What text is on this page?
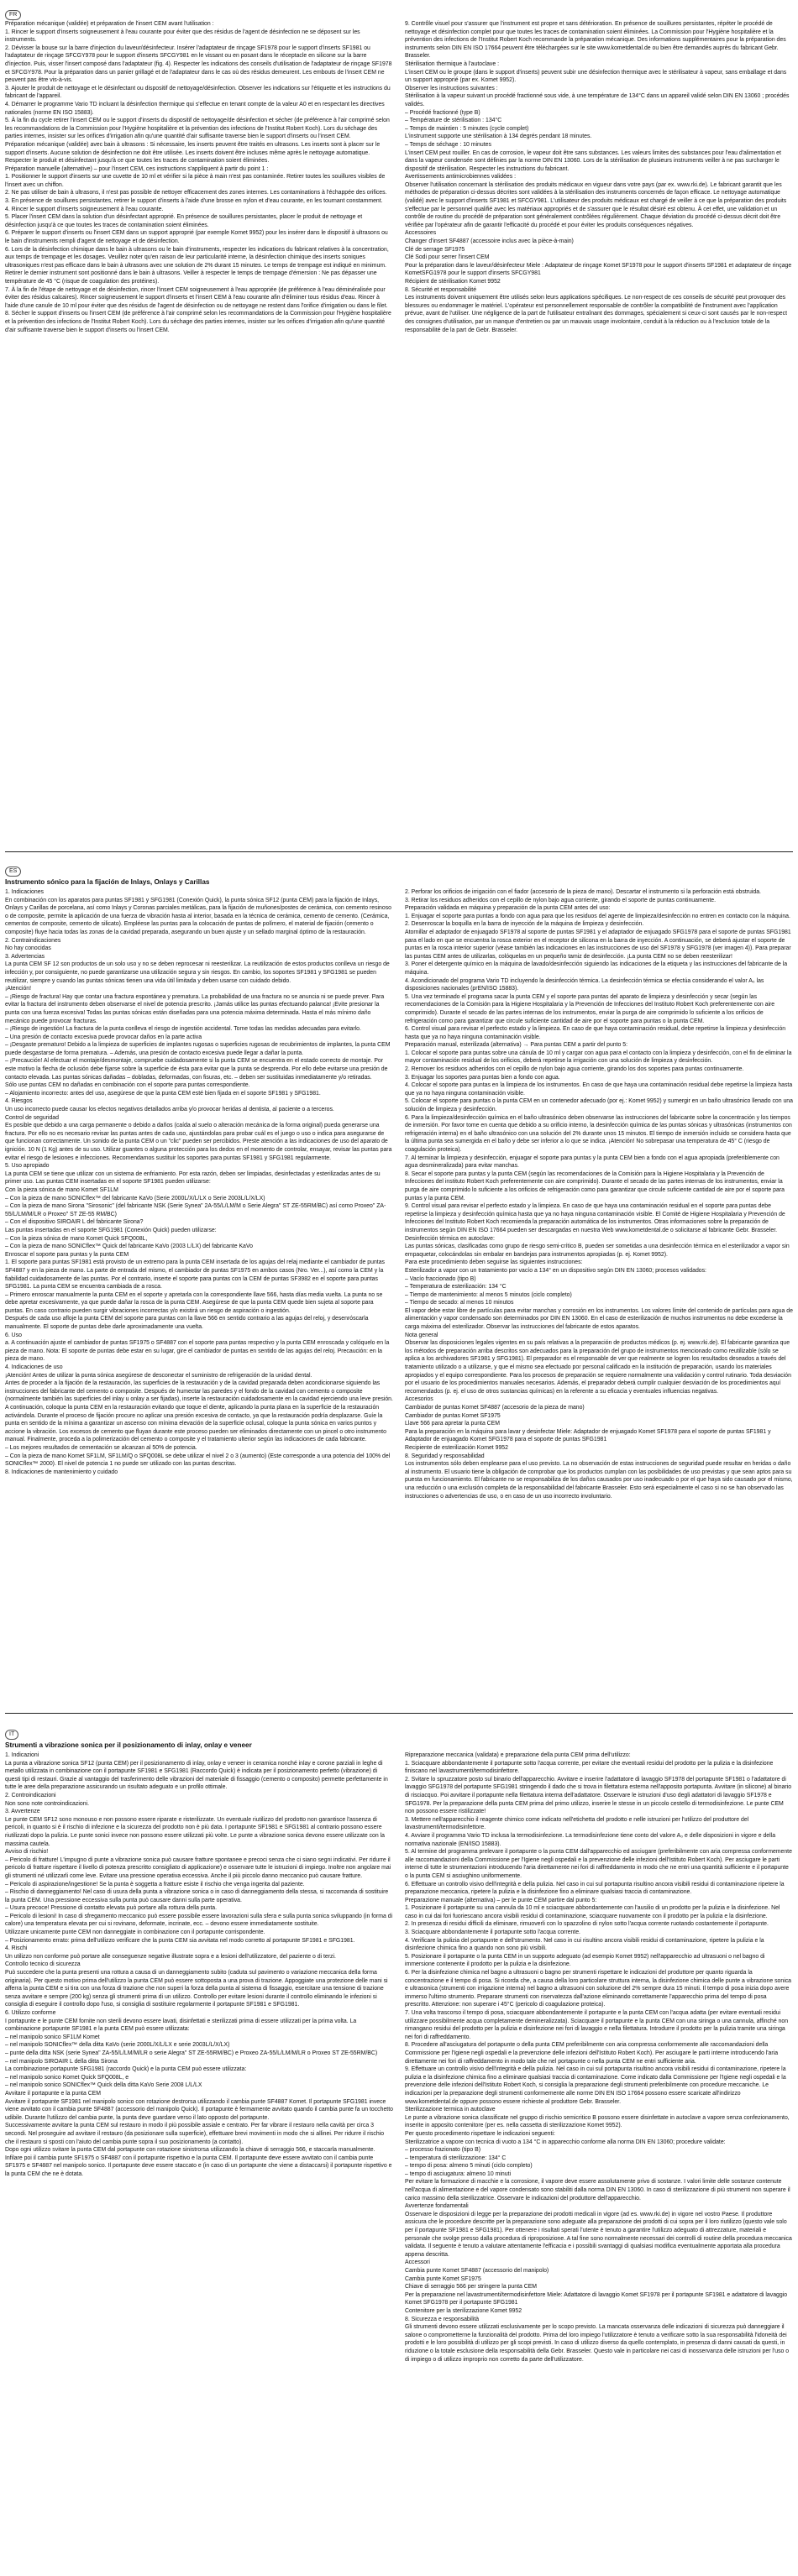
FR

Préparation mécanique (validée) et préparation de l'insert CEM avant l'utilisation :

1. Rincer le support d'inserts soigneusement à l'eau courante pour éviter que des résidus de l'agent de désinfection ne se déposent sur les instruments.

2. Dévisser la bouse sur la barre d'injection du laveur/désinfecteur. Insérer l'adaptateur de rinçage SF1978 pour le support d'inserts SF1981 ou l'adaptateur de rinçage SFCGY978 pour le support d'inserts SFCGY981 en le vissant ou en posant dans le réceptacle en silicone sur la barre d'injection. Puis, visser l'insert composé dans l'adaptateur (fig. 4). Respecter les indications des conseils d'utilisation de l'adaptateur de rinçage SF1978 et SFCGY978. Pour la préparation dans un panier grillagé et de l'adaptateur dans le cas où des résidus demeurent. Les embouts de l'insert CEM ne peuvent pas être vis-à-vis.

3. Ajouter le produit de nettoyage et le désinfectant ou dispositif de nettoyage/désinfection. Observer les indications sur l'étiquette et les instructions du fabricant de l'appareil.

4. Démarrer le programme Vario TD incluant la désinfection thermique qui s'effectue en tenant compte de la valeur A0 et en respectant les directives nationales (norme EN ISO 15883).

5. À la fin du cycle retirer l'insert CEM ou le support d'inserts du dispositif de nettoyage/de désinfection et sécher (de préférence à l'air comprimé selon les recommandations de la Commission pour l'Hygiène hospitalière et la prévention des infections de l'Institut Robert Koch). Lors du séchage des parties internes, insister sur les orifices d'irrigation afin qu'une quantité d'air suffisante traverse bien le support d'inserts ou l'insert CEM.

Préparation mécanique (validée) avec bain à ultrasons : Si nécessaire, les inserts peuvent être traités en ultrasons. Les inserts sont à placer sur le support d'inserts. Aucune solution de désinfection ne doit être utilisée. Les inserts doivent être incluses même après le nettoyage automatique. Respecter le produit et désinfectant jusqu'à ce que toutes les traces de contamination soient éliminées.

Préparation manuelle (alternative) – pour l'insert CEM, ces instructions s'appliquent à partir du point 1 :

1. Positionner le support d'inserts sur une cuvette de 10 ml et vérifier si la pièce à main n'est pas contaminée. Retirer toutes les souillures visibles de l'insert avec un chiffon.

2. Ne pas utiliser de bain à ultrasons, il n'est pas possible de nettoyer efficacement des zones internes. Les contaminations à l'échappée des orifices.

3. En présence de souillures persistantes, retirer le support d'inserts à l'aide d'une brosse en nylon et d'eau courante, en les tournant constamment.

4. Rincer le support d'inserts soigneusement à l'eau courante.

5. Placer l'insert CEM dans la solution d'un désinfectant approprié. En présence de souillures persistantes, placer le produit de nettoyage et désinfection jusqu'à ce que toutes les traces de contamination soient éliminées.

6. Préparer le support d'inserts ou l'insert CEM dans un support approprié (par exemple Komet 9952) pour les insérer dans le dispositif à ultrasons ou le bain d'instruments rempli d'agent de nettoyage et de désinfection.

6. Lors de la désinfection chimique dans le bain à ultrasons ou le bain d'instruments, respecter les indications du fabricant relatives à la concentration, aux temps de trempage et les dosages. Veuillez noter qu'en raison de leur particularité interne, la désinfection chimique des inserts soniques ultrasoniques n'est pas efficace dans le bain à ultrasons avec une solution de 2% durant 15 minutes. Le temps de trempage est indiqué en minimum. Retirer le dernier instrument sont positionné dans le bain à ultrasons. Veiller à respecter le temps de trempage d'émersion : Ne pas dépasser une température de 45 °C (risque de coagulation des protéines).

7. À la fin de l'étape de nettoyage et de désinfection, rincer l'insert CEM soigneusement à l'eau appropriée (de préférence à l'eau déminéralisée pour éviter des résidus calcaires). Rincer soigneusement le support d'inserts et l'insert CEM à l'eau courante afin d'éliminer tous résidus d'eau. Rincer à l'aide d'une canule de 10 ml pour éviter que des résidus de l'agent de désinfection ou de nettoyage ne restent dans l'orifice d'irrigation ou dans le filet.

8. Sécher le support d'inserts ou l'insert CEM (de préférence à l'air comprimé selon les recommandations de la Commission pour l'Hygiène hospitalière et la prévention des infections de l'Institut Robert Koch). Lors du séchage des parties internes, insister sur les orifices d'irrigation afin qu'une quantité d'air suffisante traverse bien le support d'inserts ou l'insert CEM.

9. Contrôle visuel pour s'assurer que l'instrument est propre et sans détérioration. En présence de souillures persistantes, répéter le procédé de nettoyage et désinfection complet pour que toutes les traces de contamination soient éliminées. La Commission pour l'Hygiène hospitalière et la prévention des infections de l'Institut Robert Koch recommande la préparation mécanique. Des informations supplémentaires pour la préparation des instruments selon DIN EN ISO 17664 peuvent être téléchargées sur le site www.kometdental.de ou bien être demandés auprès du fabricant Gebr. Brasseler.

Stérilisation thermique à l'autoclave :

L'insert CEM ou le groupe (dans le support d'inserts) peuvent subir une désinfection thermique avec le stérilisateur à vapeur, sans emballage et dans un support approprié (par ex. Komet 9952).

Observer les instructions suivantes :

Stérilisation à la vapeur suivant un procédé fractionné sous vide, à une température de 134°C dans un appareil validé selon DIN EN 13060 ; procédés validés.

– Procédé fractionné (type B)

– Température de stérilisation : 134°C

– Temps de maintien : 5 minutes (cycle complet)

L'instrument supporte une stérilisation à 134 degrés pendant 18 minutes.

– Temps de séchage : 10 minutes

L'insert CEM peut rouiller. En cas de corrosion, le vapeur doit être sans substances. Les valeurs limites des substances pour l'eau d'alimentation et dans la vapeur condensée sont définies par la norme DIN EN 13060. Lors de la stérilisation de plusieurs instruments veiller à ne pas surcharger le dispositif de stérilisation. Respecter les instructions du fabricant.

Avertissements antimicrobiennes validées :

Observer l'utilisation concernant la stérilisation des produits médicaux en vigueur dans votre pays (par ex. www.rki.de). Le fabricant garantit que les méthodes de préparation ci-dessus décrites sont validées à la stérilisation des instruments concernés de façon efficace. Le nettoyage automatique (validé) avec le support d'inserts SF1981 et SFCGY981. L'utilisateur des produits médicaux est chargé de veiller à ce que la préparation des produits s'effectue par le personnel qualifié avec les matériaux appropriés et de s'assurer que le résultat désiré est obtenu. À cet effet, une validation et un contrôle de routine du procédé de préparation sont généralement contrôlées régulièrement. Chaque déviation du procédé ci-dessus décrit doit être vérifiée par l'opérateur afin de garantir l'efficacité du procédé et pour éviter les produits conséquences négatives.

Accessoires

Changer d'insert SF4887 (accessoire inclus avec la pièce-à-main)

Clé de serrage SF1975

Clé Sodi pour serrer l'insert CEM

Pour la préparation dans le laveur/désinfecteur Miele : Adaptateur de rinçage Komet SF1978 pour le support d'inserts SF1981 et adaptateur de rinçage KometSFG1978 pour le support d'inserts SFCGY981

Récipient de stérilisation Komet 9952

8. Sécurité et responsabilité

Les instruments doivent uniquement être utilisés selon leurs applications spécifiques. Le non-respect de ces conseils de sécurité peut provoquer des blessures ou endommager le matériel. L'opérateur est personnellement responsable de contrôler la compatibilité de l'instrument avec l'application prévue, avant de l'utiliser. Une négligence de la part de l'utilisateur entraînant des dommages, spécialement si ceux-ci sont causés par le non-respect des consignes d'utilisation, par un manque d'entretien ou par un mauvais usage involontaire, conduit à la réduction ou à l'exclusion totale de la responsabilité de la part de Gebr. Brasseler.

ES
Instrumento sónico para la fijación de Inlays, Onlays y Carillas

1. Indicaciones

En combinación con los aparatos para puntas SF1981 y SFG1981 (Conexión Quick), la punta sónica SF12 (punta CEM) para la fijación de Inlays, Onlays y Carillas de porcelana, así como Inlays y Coronas parciales metálicas, para la fijación de muñones/postes de cerámica, con cemento resinoso o de composite, permite la aplicación de una fuerza de vibración hasta al interior, basada en la técnica de cerámica, cemento de cemento. (Cerámica, cementos de composite, cemento de silicato). Empléese las puntas para la colocación de puntas de polímero, el material de fijación (cemento o composite) fluye hacia todas las zonas de la cavidad preparada, asegurando un buen ajuste y un sellado marginal óptimo de la restauración.

2. Contraindicaciones

No hay conocidas

3. Advertencias

La punta CEM SF 12 son productos de un solo uso y no se deben reprocesar ni reesterilizar. La reutilización de estos productos conlleva un riesgo de infección y, por consiguiente, no puede garantizarse una utilización segura y sin riesgos. En cambio, los soportes SF1981 y SFG1981 se pueden reutilizar, siempre y cuando las puntas sónicas tienen una vida útil limitada y deben usarse con cuidado debido.

¡Atención!

– ¡Riesgo de fractura! Hay que contar una fractura espontánea y prematura. La probabilidad de una fractura no se anuncia ni se puede prever. Para evitar la fractura del instrumento deben observarse el nivel de potencia prescrito. ¡Jamás utilice las puntas efectuando palanca! ¡Evite presionar la punta con una fuerza excesiva! Todas las puntas sónicas están diseñadas para una potencia máxima determinada. Hasta el más mínimo daño mecánico puede provocar fracturas.

– ¡Riesgo de ingestión! La fractura de la punta conlleva el riesgo de ingestión accidental. Tome todas las medidas adecuadas para evitarlo.

– Una presión de contacto excesiva puede provocar daños en la parte activa

– ¡Desgaste prematuro! Debido a la limpieza de superficies de implantes rugosas o superficies rugosas de recubrimientos de implantes, la punta CEM puede desgastarse de forma prematura. – Además, una presión de contacto excesiva puede llegar a dañar la punta.

– ¡Precaución! Al efectuar el montaje/desmontaje, compruebe cuidadosamente si la punta CEM se encuentra en el estado correcto de montaje. Por este motivo la flecha de oclusión debe fijarse sobre la superficie de ésta para evitar que la punta se desprenda. Por ello debe evitarse una presión de contacto elevada. Las puntas sónicas dañadas – dobladas, deformadas, con fisuras, etc. – deben ser sustituidas inmediatamente y/o retiradas.

Sólo use puntas CEM no dañadas en combinación con el soporte para puntas correspondiente.

– Alojamiento incorrecto: antes del uso, asegúrese de que la punta CEM esté bien fijada en el soporte SF1981 y SFG1981.

4. Riesgos

Un uso incorrecto puede causar los efectos negativos detallados arriba y/o provocar heridas al dentista, al paciente o a terceros.

Control de seguridad

Es posible que debido a una carga permanente o debido a daños (caída al suelo o alteración mecánica de la forma original) pueda generarse una fractura. Por ello no es necesario revisar las puntas antes de cada uso, ajustándolas para probar cuál es el juego o uso o indica para asegurarse de que funcionan correctamente. Un sonido de la punta CEM o un "clic" pueden ser percibidos. Preste atención a las indicaciones de uso del aparato de ignición. 10 N (1 Kg) antes de su uso. Utilizar guantes o alguna protección para los dedos en el momento de controlar, ensayar, revisar las puntas para evitar el riesgo de lesiones e infecciones. Recomendamos sustituir los soportes para puntas SF1981 y SFG1981 regularmente.

5. Uso apropiado

La punta CEM se tiene que utilizar con un sistema de enfriamiento. Por esta razón, deben ser limpiadas, desinfectadas y esterilizadas antes de su primer uso. Las puntas CEM insertadas en el soporte SF1981 pueden utilizarse:

Con la pieza sónica de mano Komet SF1LM

– Con la pieza de mano SONICflex™ del fabricante KaVo (Serie 2000L/X/L/LX o Serie 2003L/L/X/LX)

– Con la pieza de mano Sirona "Sirosonic" (del fabricante NSK (Serie Synea" 2A-55/L/LM/M o Serie Alegra" ST ZE-55RM/BC) así como Proxeo" ZA-55/L/LM/M/LR o Proxeo" ST ZE-55 RM/BC)

– Con el dispositivo SIROAIR L del fabricante Sirona?

Las puntas insertadas en el soporte SFG1981 (Conexión Quick) pueden utilizarse:

– Con la pieza sónica de mano Komet Quick SFQ008L,

– Con la pieza de mano SONICflex™ Quick del fabricante KaVo (2003 L/LX) del fabricante KaVo

Enroscar el soporte para puntas y la punta CEM

1. El soporte para puntas SF1981 está provisto de un extremo para la punta CEM insertada de los agujas del relaj mediante el cambiador de puntas SF4887 y en la pieza de mano. La parte de entrada del mismo, el cambiador de puntas SF1975 en ambos casos (Nro. Ver...), así como la CEM y la fiabilidad cuidadosamente de las puntas. Por el contrario, inserte el soporte para puntas con la CEM de puntas SF3982 en el soporte para puntas SFG1981. La punta CEM se encuentra cambiada de a rosca.

– Primero enroscar manualmente la punta CEM en el soporte y apretarla con la correspondiente llave 566, hasta días media vuelta. La punta no se debe apretar excesivamente, ya que puede dañar la rosca de la punta CEM. Asegúrese de que la punta CEM quede bien sujeta al soporte para puntas. En caso contrario pueden surgir vibraciones incorrectas y/o existirá un riesgo de aspiración o ingestión.

Después de cada uso afloje la punta CEM del soporte para puntas con la llave 566 en sentido contrario a las agujas del reloj, y desenróscarla manualmente. El soporte de puntas debe darle aproximadamente una vuelta.

6. Uso

a. A continuación ajuste el cambiador de puntas SF1975 o SF4887 con el soporte para puntas respectivo y la punta CEM enroscada y colóquelo en la pieza de mano. Nota: El soporte de puntas debe estar en su lugar, gire el cambiador de puntas en sentido de las agujas del reloj. Precaución: en la pieza de mano.

4. Indicaciones de uso

¡Atención! Antes de utilizar la punta sónica asegúrese de desconectar el suministro de refrigeración de la unidad dental.

Antes de proceder a la fijación de la restauración, las superficies de la restauración y de la cavidad preparada deben acondicionarse siguiendo las instrucciones del fabricante del cemento o composite. Después de humectar las paredes y el fondo de la cavidad con cemento o composite (normalmente también las superficies del inlay u onlay a ser fijadas), inserte la restauración cuidadosamente en la cavidad ejerciendo una leve presión. A continuación, coloque la punta CEM en la restauración evitando que toque el diente, aplicando la punta plana en la superficie de la restauración activándola. Durante el proceso de fijación procure no aplicar una presión excesiva de contacto, ya que la restauración podría desplazarse. Guíe la punta en sentido de la mínima a garantizar un ascenso con mínima elevación de la superficie oclusal, coloque la punta sónica en varios puntos y accione la vibración. Los excesos de cemento que fluyan durante este proceso pueden ser eliminados directamente con un pincel o otro instrumento manual. Finalmente, proceda a la polimerización del cemento o composite y el tratamiento ulterior según las indicaciones de cada fabricante.

– Los mejores resultados de cementación se alcanzan al 50% de potencia.

– Con la pieza de mano Komet SF1LM, SF1LM/Q o SFQ008L se debe utilizar el nivel 2 o 3 (aumento) (Este corresponde a una potencia del 100% del SONICflex™ 2000). El nivel de potencia 1 no puede ser utilizado con las puntas descritas.

8. Indicaciones de mantenimiento y cuidado

2. Perforar los orificios de irrigación con el fiador (accesorio de la pieza de mano). Descartar el instrumento si la perforación está obstruida.

3. Retirar los residuos adheridos con el cepillo de nylon bajo agua corriente, girando el soporte de puntas continuamente.

Preparación validada en máquina y preparación de la punta CEM antes del uso:

1. Enjuagar el soporte para puntas a fondo con agua para que los residuos del agente de limpieza/desinfección no entren en contacto con la máquina.

2. Desenroscar la boquilla en la barra de inyección de la máquina de limpieza y desinfección.

Atornillar el adaptador de enjuagado SF1978 al soporte de puntas SF1981 y el adaptador de enjuagado SFG1978 para el soporte de puntas SFG1981 para el lado en que se encuentra la rosca exterior en el receptor de silicona en la barra de inyección. A continuación, se deberá ajustar el soporte de puntas en la rosca interior superior (véase también las indicaciones en las instrucciones de uso del SF1978 y SFG1978 (ver imagen 4)). Para preparar las puntas CEM antes de utilizarlas, colóquelas en un pequeño tamiz de desinfección. ¡La punta CEM no se deben reesterilizar!

3. Poner el detergente químico en la máquina de lavado/desinfección siguiendo las indicaciones de la etiqueta y las instrucciones del fabricante de la máquina.

4. Acondicionado del programa Vario TD incluyendo la desinfección térmica. La desinfección térmica se efectúa considerando el valor A₀ las disposiciones nacionales (prEN/ISO 15883).

5. Una vez terminado el programa sacar la punta CEM y el soporte para puntas del aparato de limpieza y desinfección y secar (según las recomendaciones de la Comisión para la Higiene Hospitalaria y la Prevención de Infecciones del Instituto Robert Koch preferentemente con aire comprimido). Durante el secado de las partes internas de los instrumentos, enviar la purga de aire comprimido lo suficiente a los orificios de refrigeración como para garantizar que circule suficiente cantidad de aire por el soporte para puntas o la punta CEM.

6. Control visual para revisar el perfecto estado y la limpieza. En caso de que haya contaminación residual, debe repetirse la limpieza y desinfección hasta que ya no haya ninguna contaminación visible.

Preparación manual, esterilizada (alternativa) → Para puntas CEM a partir del punto 5:

1. Colocar el soporte para puntas sobre una cánula de 10 ml y cargar con agua para el contacto con la limpieza y desinfección, con el fin de eliminar la mayor contaminación residual de los orificios, deberá repetirse la irrigación con una solución de limpieza y desinfección.

2. Remover los residuos adheridos con el cepillo de nylon bajo agua corriente, girando los dos soportes para puntas continuamente.

3. Enjuagar los soportes para puntas bien a fondo con agua.

4. Colocar el soporte para puntas en la limpieza de los instrumentos. En caso de que haya una contaminación residual debe repetirse la limpieza hasta que ya no haya ninguna contaminación visible.

5. Colocar el soporte para puntas o la punta CEM en un contenedor adecuado (por ej.: Komet 9952) y sumergir en un baño ultrasónico llenado con una solución de limpieza y desinfección.

6. Para la limpieza/desinfección química en el baño ultrasónico deben observarse las instrucciones del fabricante sobre la concentración y los tiempos de inmersión. Por favor tome en cuenta que debido a su orificio interno, la desinfección química de las puntas sónicas y ultrasónicas (instrumentos con refrigeración interna) en el baño ultrasónico con una solución del 2% durante unos 15 minutos. El tiempo de inmersión incluido se considera hasta que la última punta sea sumergida en el baño y debe ser inferior a lo que se indica. ¡Atención! No sobrepasar una temperatura de 45° C (riesgo de coagulación proteica).

7. Al terminar la limpieza y desinfección, enjuagar el soporte para puntas y la punta CEM bien a fondo con el agua apropiada (preferiblemente con agua desmineralizada) para evitar manchas.

8. Secar el soporte para puntas y la punta CEM (según las recomendaciones de la Comisión para la Higiene Hospitalaria y la Prevención de Infecciones del instituto Robert Koch preferentemente con aire comprimido). Durante el secado de las partes internas de los instrumentos, enviar la purga de aire comprimido lo suficiente a los orificios de refrigeración como para garantizar que circule suficiente cantidad de aire por el soporte para puntas y la punta CEM.

9. Control visual para revisar el perfecto estado y la limpieza. En caso de que haya una contaminación residual en el soporte para puntas debe repetirse la limpieza y desinfección química hasta que ya no haya ninguna contaminación visible. El Comité de Higiene Hospitalaria y Prevención de Infecciones del Instituto Robert Koch recomienda la preparación automática de los instrumentos. Otras informaciones sobre la preparación de instrumentos según DIN EN ISO 17664 pueden ser descargadas en nuestra Web www.kometdental.de o solicitarse al fabricante Gebr. Brasseler.

Desinfección térmica en autoclave:

Las puntas sónicas, clasificadas como grupo de riesgo semi-crítico B, pueden ser sometidas a una desinfección térmica en el esterilizador a vapor sin empaquetar, colocándolas sin embalar en bandejas para instrumentos apropiadas (p. ej. Komet 9952).

Para este procedimiento deben seguirse las siguientes instrucciones:

Esterilizador a vapor con un tratamiento por vacío a 134° en un dispositivo según DIN EN 13060; procesos validados:

– Vacío fraccionado (tipo B)

– Temperatura de esterilización: 134 °C

– Tiempo de mantenimiento: al menos 5 minutos (ciclo completo)

– Tiempo de secado: al menos 10 minutos

El vapor debe estar libre de partículas para evitar manchas y corrosión en los instrumentos. Los valores límite del contenido de partículas para agua de alimentación y vapor condensado son determinados por DIN EN 13060. En el caso de esterilización de muchos instrumentos no debe excederse la carga máxima del esterilizador. Observar las instrucciones del fabricante de estos aparatos.

Nota general

Observar las disposiciones legales vigentes en su país relativas a la preparación de productos médicos (p. ej. www.rki.de). El fabricante garantiza que los métodos de preparación arriba descritos son adecuados para la preparación del grupo de instrumentos mencionado como reutilizable (sólo se aplica a los archivadores SF1981 y SFG1981). El preparador es el responsable de ver que realmente se logren los resultados deseados a través del tratamiento utilizado o a utilizarse, y que el mismo sea efectuado por personal calificado en la institución de preparación, usando los materiales apropiados y el equipo correspondiente. Para los procesos de preparación se requiere normalmente una validación y control rutinario. Toda desviación por el usuario de los procedimientos manuales necesarios. Además, el preparador deberá cumplir cualquier desviación de los procedimientos aquí recomendados (p. ej. el uso de otros sustancias químicas) en la referente a su eficacia y eventuales influencias negativas.

Accesorios

Cambiador de puntas Komet SF4887 (accesorio de la pieza de mano)

Cambiador de puntas Komet SF1975

Llave 566 para apretar la punta CEM

Para la preparación en la máquina para lavar y desinfectar Miele: Adaptador de enjuagado Komet SF1978 para el soporte de puntas SF1981 y Adaptador de enjuagado Komet SFG1978 para el soporte de puntas SFG1981

Recipiente de esterilización Komet 9952

8. Seguridad y responsabilidad

Los instrumentos sólo deben emplearse para el uso previsto. La no observación de estas instrucciones de seguridad puede resultar en heridas o daño al instrumento. El usuario tiene la obligación de comprobar que los productos cumplan con las posibilidades de uso previstas y que sean aptos para su puesta en funcionamiento. El fabricante no se responsabiliza de los daños causados por uso inadecuado o por el que haya sido causado por el mismo, una reducción o una exclusión completa de la responsabilidad del fabricante Brasseler. Esto será especialmente el caso si no se han observado las instrucciones o advertencias de uso, o en caso de un uso incorrecto involuntario.

IT
Strumenti a vibrazione sonica per il posizionamento di inlay, onlay e veneer

1. Indicazioni

La punta a vibrazione sonica SF12 (punta CEM) per il posizionamento di inlay, onlay e veneer in ceramica nonché inlay e corone parziali in leghe di metallo utilizzata in combinazione con il portapunte SF1981 e SFG1981 (Raccordo Quick) è indicata per il posizionamento perfetto (vibrazione) di questi tipi di restauri. Grazie al vantaggio del trasferimento delle vibrazioni del materiale di fissaggio (cemento o composito) permette perfettamente in tutte le aree della preparazione assicurando un risultato adeguato e un profilo ottimale.

2. Controindicazioni

Non sono note controindicazioni.

3. Avvertenze

Le punte CEM SF12 sono monouso e non possono essere riparate e risterilizzate. Un eventuale riutilizzo del prodotto non garantisce l'assenza di pericoli, in quanto si è il rischio di infezione e la sicurezza del prodotto non è più data. I portapunte SF1981 e SFG1981 al contrario possono essere riutilizzati dopo la pulizia. Le punte sonici invece non possono essere utilizzati più volte. Le punte a vibrazione sonica devono essere utilizzate con la massima cautela.

Avviso di rischio!

– Pericolo di fratture! L'impugno di punte a vibrazione sonica può causare fratture spontanee e precoci senza che ci siano segni indicativi. Per ridurre il pericolo di fratture rispettare il livello di potenza prescritto consigliato di applicazione) e osservare tutte le istruzioni di impiego. Inoltre non angolare mai gli strumenti né utilizzarli come leve. Evitare una pressione operativa eccessiva. Anche il più piccolo danno meccanico può causare fratture.

– Pericolo di aspirazione/ingestione! Se la punta è soggetta a fratture esiste il rischio che venga ingerita dal paziente.

– Rischio di danneggiamento! Nel caso di usura della punta a vibrazione sonica o in caso di danneggiamento della stessa, si raccomanda di sostituire la punta CEM. Una pressione eccessiva sulla punta può causare danni sulla parte operativa.

– Usura precoce! Pressione di contatto elevata può portare alla rottura della punta.

– Pericolo di lesioni! In caso di sfregamento meccanico può essere possibile essere lavorazioni sulla sfera e sulla punta sonica sviluppando (in forma di calore) una temperatura elevata per cui si rovinano, deformate, incrinate, ecc. – devono essere immediatamente sostituite.

Utilizzare unicamente punte CEM non danneggiate in combinazione con il portapunte corrispondente.

– Posizionamento errato: prima dell'utilizzo verificare che la punta CEM sia avvitata nel modo corretto al portapunte SF1981 e SFG1981.

4. Rischi

Un utilizzo non conforme può portare alle conseguenze negative illustrate sopra e a lesioni dell'utilizzatore, del paziente o di terzi.

Controllo tecnico di sicurezza

Può succedere che la punta presenti una rottura a causa di un danneggiamento subito (caduta sul pavimento o variazione meccanica della forma originaria). Per questo motivo prima dell'utilizzo la punta CEM può essere sottoposta a una prova di trazione. Appoggiate una protezione delle mani si afferra la punta CEM e si tira con una forza di trazione che non superi la forza della punta al sistema di fissaggio, esercitare una tensione di trazione senza avvitare e sempre (200 kg) senza gli strumenti prima di un utilizzo. Controllo per evitare lesioni durante il controllo eliminando le infezioni si consiglia di eseguire il controllo dopo l'uso, si consiglia di sostituire regolarmente il portapunte SF1981 e SFG1981.

6. Utilizzo conforme

I portapunte e le punte CEM fornite non sterili devono essere lavati, disinfettati e sterilizzati prima di essere utilizzati per la prima volta. La combinazione portapunte SF1981 e la punta CEM può essere utilizzata:

– nel manipolo sonico SF1LM Komet

– nel manipolo SONICflex™ della ditta KaVo (serie 2000L/X/L/LX e serie 2003L/L/X/LX)

– punte della ditta NSK (serie Synea" ZA-55/L/LM/M/LR o serie Alegra" ST ZE-55RM/BC) e Proxeo ZA-55/L/LM/M/LR o Proxeo ST ZE-55RM/BC)

– nel manipolo SIROAIR L della ditta Sirona

La combinazione portapunte SFG1981 (raccordo Quick) e la punta CEM può essere utilizzata:

– nel manipolo sonico Komet Quick SFQ008L, e

– nel manipolo sonico SONICflex™ Quick della ditta KaVo Serie 2008 L/L/LX

Avvitare il portapunte e la punta CEM

Avvitare il portapunte SF1981 nel manipolo sonico con rotazione destrorsa utilizzando il cambia punte SF4887 Komet. Il portapunte SFG1981 invece viene avvitato con il cambia punte SF4887 (accessorio del manipolo Quick). Il portapunte è fermamente avvitato quando il cambia punte fa un tocchetto udibile. Durante l'utilizzo del cambia punte, la punta deve guardare verso il lato opposto del portapunte.

Successivamente avvitare la punta CEM sul restauro in modo il più possibile assiale e centrato. Per far vibrare il restauro nella cavità per circa 3 secondi. Nel proseguire ad avvitare il restauro (da posizionare sulla superficie), effettuare brevi movimenti in modo che si allinei. Per ridurre il rischio che il restauro si sposti con l'aiuto del cambia punte sopra il suo posizionamento (a contatto).

Dopo ogni utilizzo svitare la punta CEM dal portapunte con rotazione sinistrorsa utilizzando la chiave di serraggio 566, e staccarla manualmente.

Infilare poi il cambia punte SF1975 o SF4887 con il portapunte rispettivo e la punta CEM. Il portapunte deve essere avvitato con il cambia punte SF1975 e SF4887 nel manipolo sonico. Il portapunte deve essere staccato e (in caso di un portapunte che viene a distaccarsi) il portapunte rispettivo e la punta CEM che ne è dotata.

Ripreparazione meccanica (validata) e preparazione della punta CEM prima dell'utilizzo:

1. Sciacquare abbondantemente il portapunte sotto l'acqua corrente, per evitare che eventuali residui del prodotto per la pulizia e la disinfezione finiscano nel lavastrumenti/termodisinfettore.

2. Svitare lo spruzzatore posto sul binario dell'apparecchio. Avvitare e inserire l'adattatore di lavaggio SF1978 del portapunte SF1981 o l'adattatore di lavaggio SFG1978 del portapunte SFG1981 stringendo il dado che si trova in filettatura esterna nell'apposito portapunta. Avvitare (in silicone) al binario di risciacquo. Poi avvitare il portapunte nella filettatura interna dell'adattatore. Osservare le istruzioni d'uso degli adattatori di lavaggio SF1978 e SFG1978. Per la preparazione della punta CEM prima del primo utilizzo, inserire le stesse in un piccolo cestello di termodisinfezione. Le punte CEM non possono essere ristilizzate!

3. Mettere nell'apparecchio il reagente chimico come indicato nell'etichetta del prodotto e nelle istruzioni per l'utilizzo del produttore del lavastrumenti/termodisinfettore.

4. Avviare il programma Vario TD inclusa la termodisinfezione. La termodisinfezione tiene conto del valore A₀ e delle disposizioni in vigore e della normativa nazionale (EN/ISO 15883).

5. Al termine del programma prelevare il portapunte o la punta CEM dall'apparecchio ed asciugare (preferibilmente con aria compressa conformemente alle raccomandazioni della Commissione per l'Igiene negli ospedali e la prevenzione delle infezioni dell'Istituto Robert Koch). Per asciugare le parti interne di tutte le strumentazioni introducendo l'aria direttamente nei fori di raffreddamento in modo che ne entri una quantità sufficiente e il portapunte o la punta CEM si asciughino uniformemente.

6. Effettuare un controllo visivo dell'integrità e della pulizia. Nel caso in cui sul portapunta risultino ancora visibili residui di contaminazione ripetere la preparazione meccanica, ripetere la pulizia e la disinfezione fino a eliminare qualsiasi traccia di contaminazione.

Preparazione manuale (alternativa) – per le punte CEM partire dal punto 5:

1. Posizionare il portapunte su una cannula da 10 ml e sciacquare abbondantemente con l'ausilio di un prodotto per la pulizia e la disinfezione. Nel caso in cui dai fori fuoriescano ancora visibili residui di contaminazione, sciacquare nuovamente con il prodotto per la pulizia e la disinfezione.

2. In presenza di residui difficili da eliminare, rimuoverli con lo spazzolino di nylon sotto l'acqua corrente ruotando costantemente il portapunte.

3. Sciacquare abbondantemente il portapunte sotto l'acqua corrente.

4. Verificare la pulizia del portapunte e dell'strumento. Nel caso in cui risultino ancora visibili residui di contaminazione, ripetere la pulizia e la disinfezione chimica fino a quando non sono più visibili.

5. Posizionare il portapunte o la punta CEM in un supporto adeguato (ad esempio Komet 9952) nell'apparecchio ad ultrasuoni o nel bagno di immersione contenente il prodotto per la pulizia e la disinfezione.

6. Per la disinfezione chimica nel bagno a ultrasuoni o bagno per strumenti rispettare le indicazioni del produttore per quanto riguarda la concentrazione e il tempo di posa. Si ricorda che, a causa della loro particolare struttura interna, la disinfezione chimica delle punte a vibrazione sonica e ultrasonica (strumenti con irrigazione interna) nel bagno a ultrasuoni con soluzione del 2% sempre dura 15 minuti. Il tempo di posa inizia dopo avere immerso l'ultimo strumento. Preparare strumenti con riservatezza dall'azione eliminando correttamente l'apparecchio prima del tempo di posa prescritto. Attenzione: non superare i 45°C (pericolo di coagulazione proteica).

7. Una volta trascorso il tempo di posa, sciacquare abbondantemente il portapunte e la punta CEM con l'acqua adatta (per evitare eventuali residui utilizzare possibilmente acqua completamente demineralizzata). Sciacquare il portapunte e la punta CEM con una siringa o una cannula, affinché non rimangano residui del prodotto per la pulizia e disinfezione nei fori di lavaggio e nella filettatura. Introdurre il prodotto per la pulizia tramite una siringa nei fori di raffreddamento.

8. Procedere all'asciugatura del portapunte o della punta CEM preferibilmente con aria compressa conformemente alle raccomandazioni della Commissione per l'Igiene negli ospedali e la prevenzione delle infezioni dell'Istituto Robert Koch). Per asciugare le parti interne introducendo l'aria direttamente nei fori di raffreddamento in modo tale che nel portapunte o nella punta CEM ne entri sufficiente aria.

9. Effettuare un controllo visivo dell'integrità e della pulizia. Nel caso in cui sul portapunta risultino ancora visibili residui di contaminazione, ripetere la pulizia e la disinfezione chimica fino a eliminare qualsiasi traccia di contaminazione. Come indicato dalla Commissione per l'Igiene negli ospedali e la prevenzione delle infezioni dell'Istituto Robert Koch, si consiglia la preparazione degli strumenti preferibilmente con procedure meccaniche. Le indicazioni per la preparazione degli strumenti conformemente alle norme DIN EN ISO 17664 possono essere scaricate all'indirizzo www.kometdental.de oppure possono essere richieste al produttore Gebr. Brasseler.

Sterilizzazione termica in autoclave

Le punte a vibrazione sonica classificate nel gruppo di rischio semicritico B possono essere disinfettate in autoclave a vapore senza confezionamento, inserite in apposito contenitore (per es. nella cassetta di sterilizzazione Komet 9952).

Per questo procedimento rispettare le indicazioni seguenti:

Sterilizzatrice a vapore con tecnica di vuoto a 134 °C in apparecchio conforme alla norma DIN EN 13060; procedure validate:

– processo frazionato (tipo B)

– temperatura di sterilizzazione: 134° C

– tempo di posa: almeno 5 minuti (ciclo completo)

– tempo di asciugatura: almeno 10 minuti

Per evitare la formazione di macchie e la corrosione, il vapore deve essere assolutamente privo di sostanze. I valori limite delle sostanze contenute nell'acqua di alimentazione e del vapore condensato sono stabiliti dalla norma DIN EN 13060. In caso di sterilizzazione di più strumenti non superare il carico massimo della sterilizzatrice. Osservare le indicazioni del produttore dell'apparecchio.

Avvertenze fondamentali

Osservare le disposizioni di legge per la preparazione dei prodotti medicali in vigore (ad es. www.rki.de) in vigore nel vostro Paese. Il produttore assicura che le procedure descritte per la preparazione sono adeguate alla preparazione dei prodotti di cui sopra per il loro riutilizzo (questo vale solo per il portapunte SF1981 e SFG1981). Per ottenere i risultati sperati l'utente è tenuto a garantire l'utilizzo adeguato di attrezzature, materiali e personale che svolge presso dalla procedura di riproposizione. A tal fine sono normalmente necessari dei controlli di routine della procedura meccanica validata. Il seguente è tenuto a valutare attentamente l'efficacia e i possibili svantaggi di qualsiasi modifica eventualmente apportata alla procedura appena descritta.

Accessori

Cambia punte Komet SF4887 (accessorio del manipolo)

Cambia punte Komet SF1975

Chiave di serraggio 566 per stringere la punta CEM

Per la preparazione nel lavastrumenti/termodisinfettore Miele: Adattatore di lavaggio Komet SF1978 per il portapunte SF1981 e adattatore di lavaggio Komet SFG1978 per il portapunte SFG1981

Contenitore per la sterilizzazione Komet 9952

8. Sicurezza e responsabilità

Gli strumenti devono essere utilizzati esclusivamente per lo scopo previsto. La mancata osservanza delle indicazioni di sicurezza può danneggiare il salone o comprometterne la funzionalità del prodotto. Prima del loro impiego l'utilizzatore è tenuto a verificare sotto la sua responsabilità l'idoneità dei prodotti e le loro possibilità di utilizzo per gli scopi previsti. In caso di utilizzo diverso da quello contemplato, in presenza di danni causati da questi, in riduzione o la totale esclusione della responsabilità della Gebr. Brasseler. Questo vale in particolare nei casi di inosservanza delle istruzioni per l'uso o di impiego o di utilizzo improprio non corretto da parte dell'utilizzatore.
